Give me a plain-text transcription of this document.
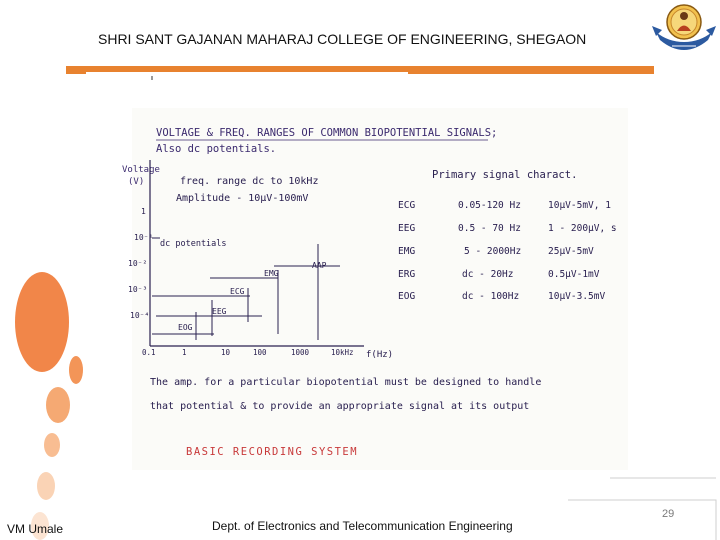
SHRI SANT GAJANAN MAHARAJ COLLEGE OF ENGINEERING, SHEGAON
VOLTAGE & FREQ. RANGES OF COMMON BIOPOTENTIAL SIGNALS;
Also dc potentials.
Voltage
(V)	freq. range dc to 10kHz
Amplitude - 10μV-100mV
Primary signal charact.
ECG	0.05-120 Hz	10μV-5mV, 1
EEG	0.5 - 70 Hz	1 - 200μV, s
EMG	5 - 2000Hz	25μV-5mV
ERG	dc - 20Hz	0.5μV-1mV
EOG	dc - 100Hz	10μV-3.5mV
1
10⁻¹
10⁻²
10⁻³
10⁻⁴
0.1	1	10	100	1000	10kHz f(Hz)
dc potentials
AAP
EMG
ECG
EEG
EOG
The amp. for a particular biopotential must be designed to handle
that potential & to provide an appropriate signal at its output
BASIC RECORDING SYSTEM
VM Umale	Dept. of Electronics and Telecommunication Engineering
29
